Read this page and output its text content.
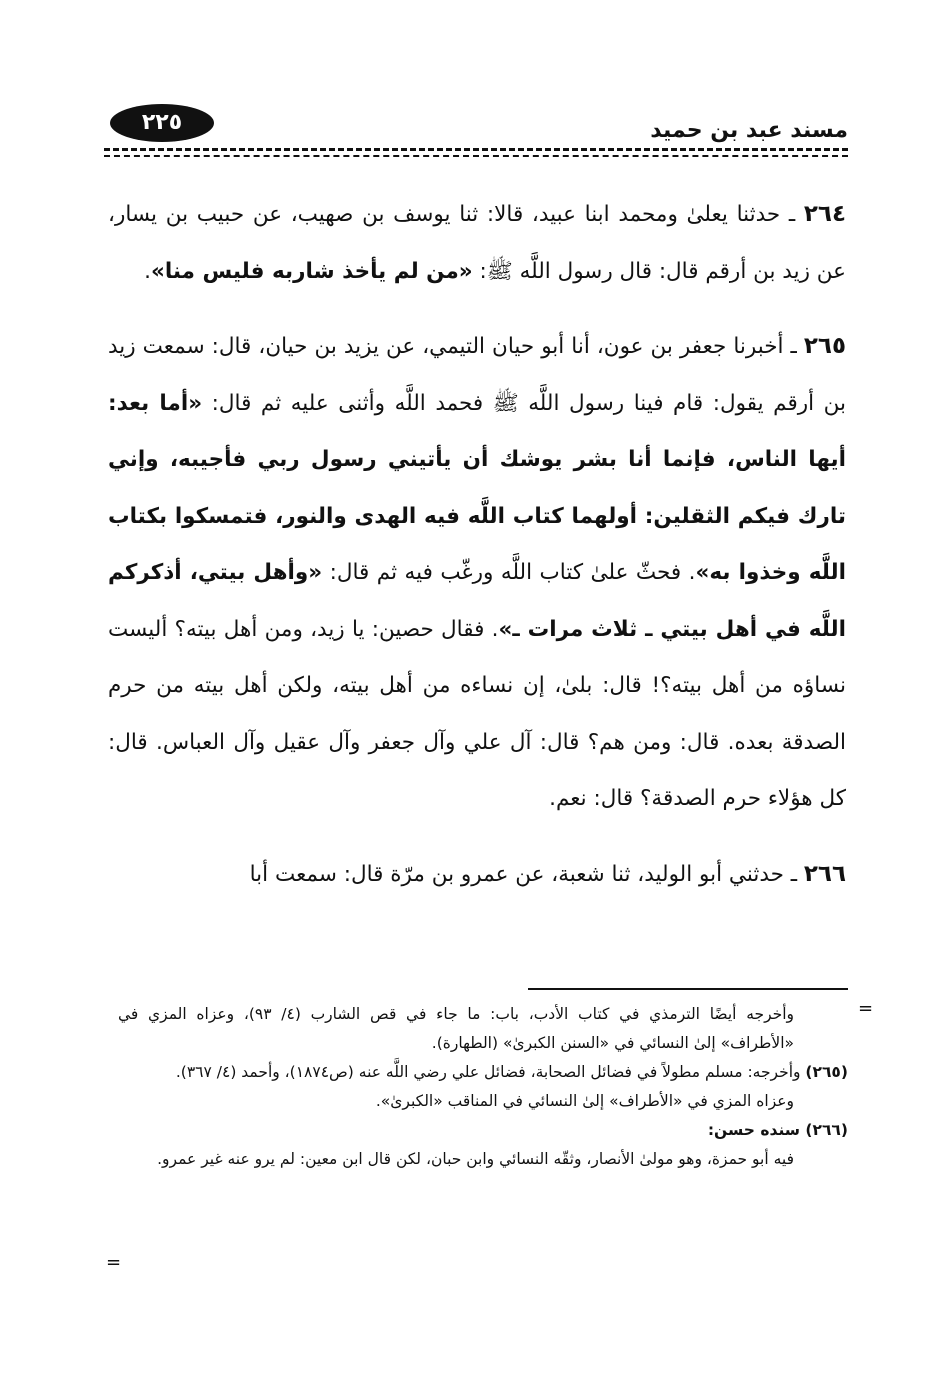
مسند عبد بن حميد
٢٢٥

٢٦٤ ـ حدثنا يعلىٰ ومحمد ابنا عبيد، قالا: ثنا يوسف بن صهيب، عن حبيب بن يسار، عن زيد بن أرقم قال: قال رسول اللَّه ﷺ: «من لم يأخذ شاربه فليس منا».

٢٦٥ ـ أخبرنا جعفر بن عون، أنا أبو حيان التيمي، عن يزيد بن حيان، قال: سمعت زيد بن أرقم يقول: قام فينا رسول اللَّه ﷺ فحمد اللَّه وأثنى عليه ثم قال: «أما بعد: أيها الناس، فإنما أنا بشر يوشك أن يأتيني رسول ربي فأجيبه، وإني تارك فيكم الثقلين: أولهما كتاب اللَّه فيه الهدى والنور، فتمسكوا بكتاب اللَّه وخذوا به». فحثّ علىٰ كتاب اللَّه ورغّب فيه ثم قال: «وأهل بيتي، أذكركم اللَّه في أهل بيتي ـ ثلاث مرات ـ». فقال حصين: يا زيد، ومن أهل بيته؟ أليست نساؤه من أهل بيته؟! قال: بلىٰ، إن نساءه من أهل بيته، ولكن أهل بيته من حرم الصدقة بعده. قال: ومن هم؟ قال: آل علي وآل جعفر وآل عقيل وآل العباس. قال: كل هؤلاء حرم الصدقة؟ قال: نعم.

٢٦٦ ـ حدثني أبو الوليد، ثنا شعبة، عن عمرو بن مرّة قال: سمعت أبا

=

وأخرجه أيضًا الترمذي في كتاب الأدب، باب: ما جاء في قص الشارب (٤/ ٩٣)، وعزاه المزي في «الأطراف» إلىٰ النسائي في «السنن الكبرىٰ» (الطهارة).

(٢٦٥) وأخرجه: مسلم مطولاً في فضائل الصحابة، فضائل علي رضي اللَّه عنه (ص١٨٧٤)، وأحمد (٤/ ٣٦٧).

وعزاه المزي في «الأطراف» إلىٰ النسائي في المناقب «الكبرىٰ».

(٢٦٦) سنده حسن:

فيه أبو حمزة، وهو مولىٰ الأنصار، وثقّه النسائي وابن حبان، لكن قال ابن معين: لم يرو عنه غير عمرو.

=
